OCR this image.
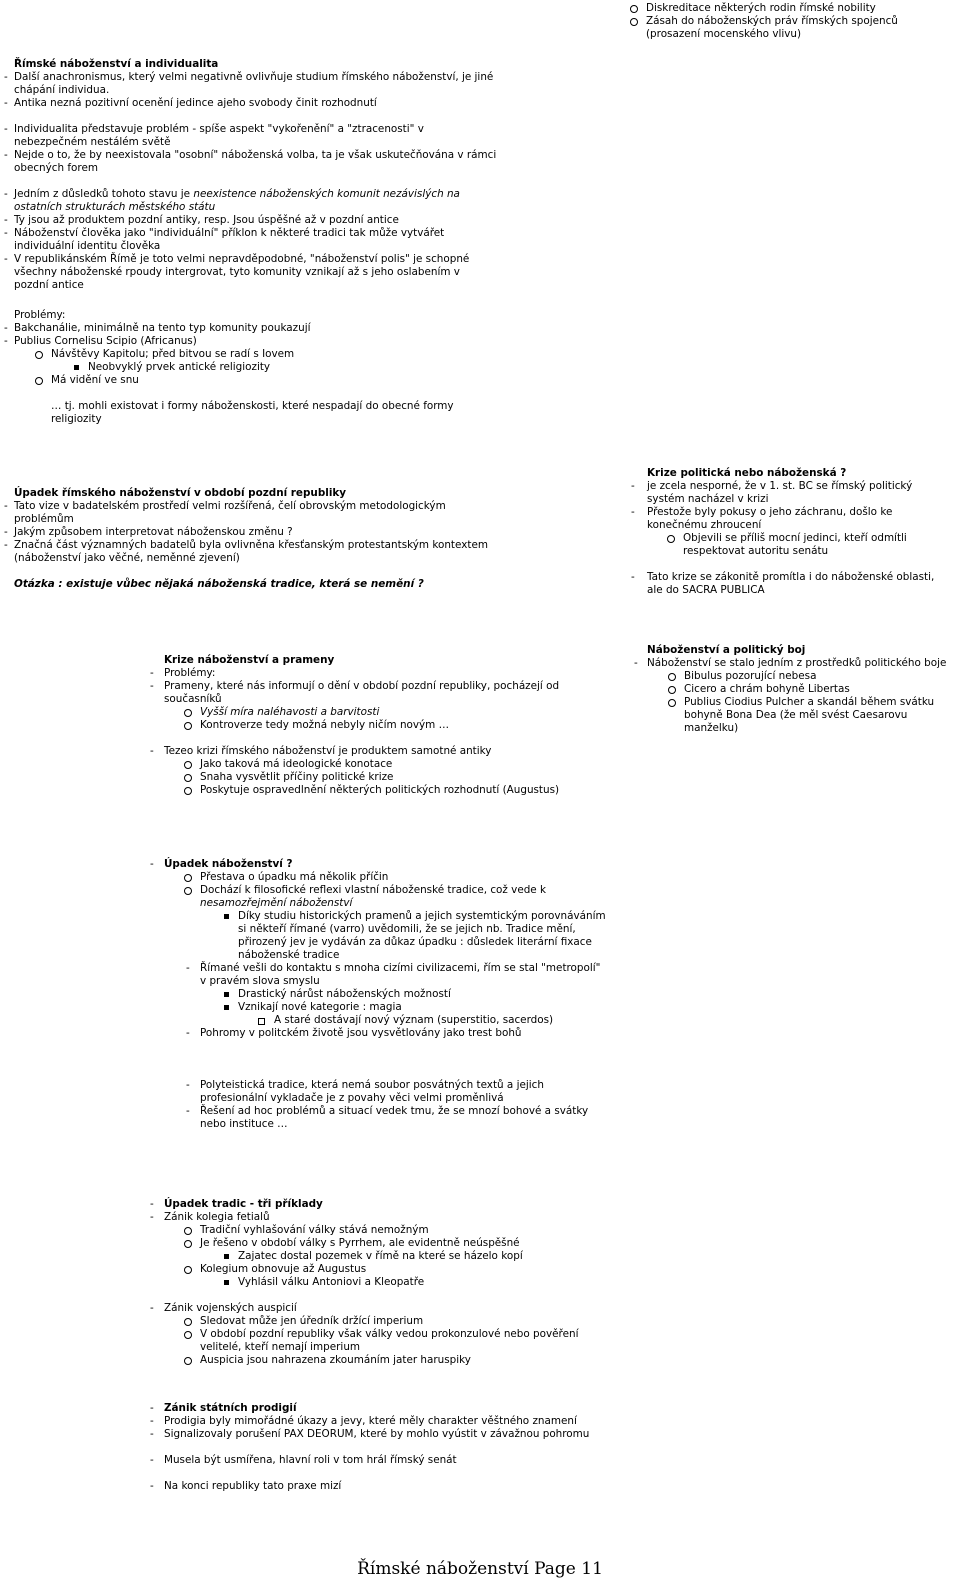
Diskreditace některých rodin římské nobility
Zásah do náboženských práv římských spojenců
(prosazení mocenského vlivu)
Římské náboženství a individualita
- Další anachronismus, který velmi negativně ovlivňuje studium římského náboženství, je jiné
chápání individua.
- Antika nezná pozitivní ocenění jedince ajeho svobody činit rozhodnutí
- Individualita představuje problém - spíše aspekt "vykořenění" a "ztracenosti" v
nebezpečném nestálém světě
- Nejde o to, že by neexistovala "osobní" náboženská volba, ta je však uskutečňována v rámci
obecných forem
- Jedním z důsledků tohoto stavu je neexistence náboženských komunit nezávislých na
ostatních strukturách městského státu
- Ty jsou až produktem pozdní antiky, resp. Jsou úspěšné až v pozdní antice
- Náboženství člověka jako "individuální" příklon k některé tradici tak může vytvářet
individuální identitu člověka
- V republikánském Římě je toto velmi nepravděpodobné, "náboženství polis" je schopné
všechny náboženské rpoudy intergrovat, tyto komunity vznikají až s jeho oslabením v
pozdní antice
Problémy:
- Bakchanálie, minimálně na tento typ komunity poukazují
- Publius Cornelisu Scipio (Africanus)
Návštěvy Kapitolu; před bitvou se radí s Iovem
Neobvyklý prvek antické religiozity
Má vidění ve snu
… tj. mohli existovat i formy náboženskosti, které nespadají do obecné formy
religiozity
Úpadek římského náboženství v období pozdní republiky
- Tato vize v badatelském prostředí velmi rozšířená, čelí obrovským metodologickým
problémům
- Jakým způsobem interpretovat náboženskou změnu ?
- Značná část významných badatelů byla ovlivněna křesťanským protestantským kontextem
(náboženství jako věčné, neměnné zjevení)
Otázka : existuje vůbec nějaká náboženská tradice, která se nemění ?
Krize politická nebo náboženská ?
- je zcela nesporné, že v 1. st. BC se římský politický
systém nacházel v krizi
- Přestože byly pokusy o jeho záchranu, došlo ke
konečnému zhroucení
Objevili se příliš mocní jedinci, kteří odmítli
respektovat autoritu senátu
- Tato krize se zákonitě promítla i do náboženské oblasti,
ale do SACRA PUBLICA
Krize náboženství a prameny
- Problémy:
- Prameny, které nás informují o dění v období pozdní republiky, pocházejí od
současníků
Vyšší míra naléhavosti a barvitosti
Kontroverze tedy možná nebyly ničím novým …
- Tezeo krizi římského náboženství je produktem samotné antiky
Jako taková má ideologické konotace
Snaha vysvětlit příčiny politické krize
Poskytuje ospravedlnění některých politických rozhodnutí (Augustus)
Náboženství a politický boj
- Náboženství se stalo jedním z prostředků politického boje
Bibulus pozorující nebesa
Cicero a chrám bohyně Libertas
Publius Ciodius Pulcher a skandál během svátku
bohyně Bona Dea (že měl svést Caesarovu
manželku)
- Úpadek náboženství ?
Přestava o úpadku má několik příčin
Dochází k filosofické reflexi vlastní náboženské tradice, což vede k
nesamozřejmění náboženství
Díky studiu historických pramenů a jejich systemtickým porovnáváním
si někteří římané (varro) uvědomili, že se jejich nb. Tradice mění,
přirozený jev je vydáván za důkaz úpadku : důsledek literární fixace
náboženské tradice
- Římané vešli do kontaktu s mnoha cizími civilizacemi, řím se stal "metropolí"
v pravém slova smyslu
Drastický nárůst náboženských možností
Vznikají nové kategorie : magia
A staré dostávají nový význam (superstitio, sacerdos)
- Pohromy v politckém životě jsou vysvětlovány jako trest bohů
- Polyteistická tradice, která nemá soubor posvátných textů a jejich
profesionální vykladače je z povahy věci velmi proměnlivá
- Řešení ad hoc problémů a situací vedek tmu, že se mnozí bohové a svátky
nebo instituce …
- Úpadek tradic - tři příklady
- Zánik kolegia fetialů
Tradiční vyhlašování války stává nemožným
Je řešeno v období války s Pyrrhem, ale evidentně neúspěšné
Zajatec dostal pozemek v římě na které se házelo kopí
Kolegium obnovuje až Augustus
Vyhlásil válku Antoniovi a Kleopatře
- Zánik vojenských auspicií
Sledovat může jen úředník držící imperium
V období pozdní republiky však války vedou prokonzulové nebo pověření
velitelé, kteří nemají imperium
Auspicia jsou nahrazena zkoumáním jater haruspiky
- Zánik státních prodigií
- Prodigia byly mimořádné úkazy a jevy, které měly charakter věštného znamení
- Signalizovaly porušení PAX DEORUM, které by mohlo vyústit v závažnou pohromu
- Musela být usmířena, hlavní roli v tom hrál římský senát
- Na konci republiky tato praxe mizí
Římské náboženství Page 11
